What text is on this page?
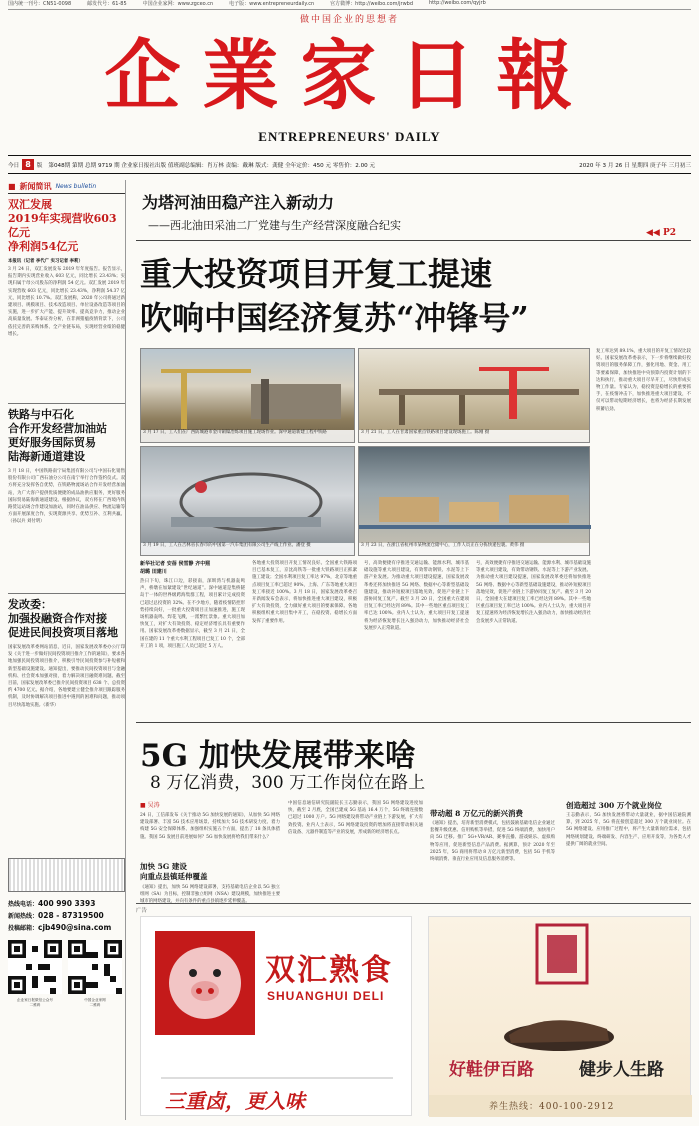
国内统一刊号：CN51-0098	邮发代号：61-85	中国企业家网：www.zgceo.cn	电子版：www.entrepreneurdaily.cn	官方微博：http://weibo.com/jrwbd	http://weibo.com/qyjrb
做中国企业的思想者
企業家日報
ENTREPRENEURS' DAILY
今日 8	版 第048期 第期 总期 9719 期 企业家日报社出版 值班副总编辑：肖万林 责编：戴琳 版式：龚健 全年定价：450 元 零售价：2.00 元	2020 年 3 月 26 日 星期四 庚子年 三月初三
■ 新闻简讯 News bulletin
双汇发展
2019年实现营收603亿元
净利润54亿元
本报讯（记者 李代广 实习记者 李莉）
3 月 24 日，双汇发展发布 2019 年年度报告。报告显示，报告期内实现营业收入 603 亿元，同比增长 23.43%；实现归属于母公司股东的净利润 54 亿元。双汇发展 2019 年实现营收 603 亿元，同比增长 23.43%，净利润 54.37 亿元，同比增长 10.7%。双汇发展称，2020 年公司将通过新建项目、规模项目、技术改造项目、单位设备改造等项目的实施，进一步扩大产能、提升效率、提高竞争力，推动企业高质量发展。华泰证券分析，在非洲猪瘟疫情背景下，公司依托完善的采购体系、全产业链布局，实现经营业绩的稳健增长。
铁路与中石化
合作开发经营加油站
更好服务国际贸易
陆海新通道建设
3 月 18 日，中国铁路南宁局集团有限公司与中国石化销售股份有限公司广西石油分公司在南宁举行合作签约仪式。双方将充分发挥各自优势，在铁路物流场站合作开发经营加油站，为广大客户提供优质便捷的成品油供应服务，更好服务国际贸易陆海新通道建设。根据协议，双方将在广西境内铁路货运站场合作建设加油站，同时在油品供应、物流运输等方面开展深度合作，实现资源共享、优势互补、互利共赢。（孙以兵 刘付明）
发改委：
加强投融资合作对接
促进民间投资项目落地
国家发展改革委网站消息，近日，国家发展改革委办公厅印发《关于进一步做好民间投资项目推介工作的通知》，要求各地加强民间投资项目推介，积极引导民间投资参与补短板和新型基础设施建设。通知提出，要推动民间投资项目与金融机构、社会资本加强对接，着力解决项目融资难问题。截至目前，国家发展改革委已推介民间投资项目 638 个、总投资约 4700 亿元。据介绍，各地要建立健全推介项目跟踪服务机制，及时协调解决项目推进中遇到的困难和问题，推动项目尽快落地实施。（新华）
热线电话：400 990 3393
新闻热线：028 - 87319500
投稿邮箱：cjb490@sina.com
企业家日报微信公众号
二维码
中国企业家网
二维码
为塔河油田稳产注入新动力
——西北油田采油二厂党建与生产经营深度融合纪实
◀◀ P2
重大投资项目开复工提速
吹响中国经济复苏“冲锋号”
3 月 17 日，工人们在广西防城港市金川铜镍冶炼项目施工现场作业。深中通道新建工程中铁路	3 月 21 日，工人在甘肃国家重点铁路项目建设现场施工。陈刚 摄
3 月 19 日，工人在吉林省长春市的中国第一汽车集团有限公司生产线上作业。潘登 摄	3 月 23 日，在浙江省杭州市某物流仓储中心，工作人员正在分拣快递包裹。黄伟 摄
新华社记者 安蓓 侯雪静 齐中熙
胡璐 田建川
热日下旬，珠江口边，彩接南，深圳湾与机器轰鸣声，桥墩在加紧建设“世纪通道”。深中通道是集桥隧岛于一体的世界级跨海集群工程，项目累计完成投资已超过总投资的 32%。在不少地方，随着疫情防控形势持续向好，一批重大投资项目正加速推进，施工现场机器轰鸣、焊花飞溅，一派繁忙景象。重大项目加快复工，对扩大有效投资、稳定经济增长具有重要作用。国家发展改革委数据显示，截至 3 月 21 日，全国在建的 11 个重大水利工程项目已复工 10 个，全部开工的 1 项，项目施工人员已超过 5 万人。
各地重大投资项目开复工情况良好。全国重大铁路项目已基本复工，京沈高铁等一批重大铁路项目正抓紧施工建设；全国水利项目复工率达 97%，北京等地重点项目复工率已超过 90%，上海、广东等地重大项目复工率接近 100%。3 月 18 日，国家发展改革委召开新闻发布会表示，将加快推进重大项目建设，积极扩大有效投资，全力做好重大项目的要素保障。各地积极组织重大项目集中开工，在稳投资、稳增长方面发挥了重要作用。
号，高效便捷有序推进交通运输、能源水利、城市基础设施等重大项目建设，有效带动钢铁、水泥等上下游产业发展。为推动重大项目建设提速，国家发展改革委还将加快推进 5G 网络、数据中心等新型基础设施建设，推动补短板项目落地见效，促进产业链上下游协同复工复产。截至 3 月 20 日，全国重大在建项目复工率已经达到 89%。其中一些地区重点项目复工率已达 100%。业内人士认为，重大项目开复工提速将为经济恢复增长注入强劲动力，加快推动经济社会发展步入正常轨道。
复工率达到 89.1%，重大项目的开复工情况比较好。国家发展改革委表示，下一步将继续做好投资项目的服务保障工作，强化用地、资金、用工等要素保障，加快推进中央预算内投资计划的下达和执行，推动重大项目尽早开工，尽快形成实物工作量。专家认为，稳投资是稳增长的重要抓手，在疫情冲击下，加快推进重大项目建设，不仅可以带动短期经济增长，也将为经济长期发展积蓄后劲。
号，高效便捷有序推进交通运输、能源水利、城市基础设施等重大项目建设，有效带动钢铁、水泥等上下游产业发展。为推动重大项目建设提速，国家发展改革委还将加快推进 5G 网络、数据中心等新型基础设施建设，推动补短板项目落地见效，促进产业链上下游协同复工复产。截至 3 月 20 日，全国重大在建项目复工率已经达到 89%。其中一些地区重点项目复工率已达 100%。业内人士认为，重大项目开复工提速将为经济恢复增长注入强劲动力，加快推动经济社会发展步入正常轨道。
5G 加快发展带来啥
8 万亿消费，300 万工作岗位在路上
■ 吴涛
24 日，工信部发布《关于推动 5G 加快发展的通知》，从加快 5G 网络建设部署、丰富 5G 技术应用场景、持续加大 5G 技术研发力度、着力构建 5G 安全保障体系、加强组织实施五个方面，提出了 18 条具体措施。我国 5G 发展目前进展如何？5G 加快发展将给我们带来什么？
加快 5G 建设
向重点县镇延伸覆盖
《通知》提出，加快 5G 网络建设部署，支持基础电信企业以 5G 独立组网（SA）为目标，控制非独立组网（NSA）建设规模，加快推进主要城市的网络建设，并向有条件的重点县镇逐步延伸覆盖。
中国信息通信研究院副院长王志勤表示，我国 5G 网络建设进度加快，截至 2 月底，全国已建成 5G 基站 16.4 万个，5G 终端连接数已超过 1000 万户。5G 网络建设将带动产业链上下游发展，扩大有效投资。业内人士表示，5G 网络建设投资的增加将直接带动相关通信设备、元器件制造等产业的发展，形成新的经济增长点。
带动超 8 万亿元的新兴消费
《通知》提出，培育新型消费模式，包括鼓励基础电信企业通过套餐升级优惠、信用购机等举措，促进 5G 终端消费，加快用户向 5G 迁移。推广 5G+VR/AR、赛事直播、游戏娱乐、虚拟购物等应用，促进新型信息产品消费。据测算，预计 2020 年至 2025 年，5G 商用将带动 8 万亿元新型消费，包括 5G 手机等终端消费、垂直行业应用及信息服务消费等。
创造超过 300 万个就业岗位
王志勤表示，5G 加快发展将带动大量就业，据中国信通院测算，到 2025 年，5G 将直接创造超过 300 万个就业岗位。在 5G 网络建设、应用推广过程中，将产生大量新岗位需求，包括网络规划建设、终端研发、内容生产、应用开发等，为各类人才提供广阔的就业空间。
广告
双汇熟食
SHUANGHUI DELI
三重卤，更入味
好鞋伊百路	健步人生路
养生热线：400-100-2912
